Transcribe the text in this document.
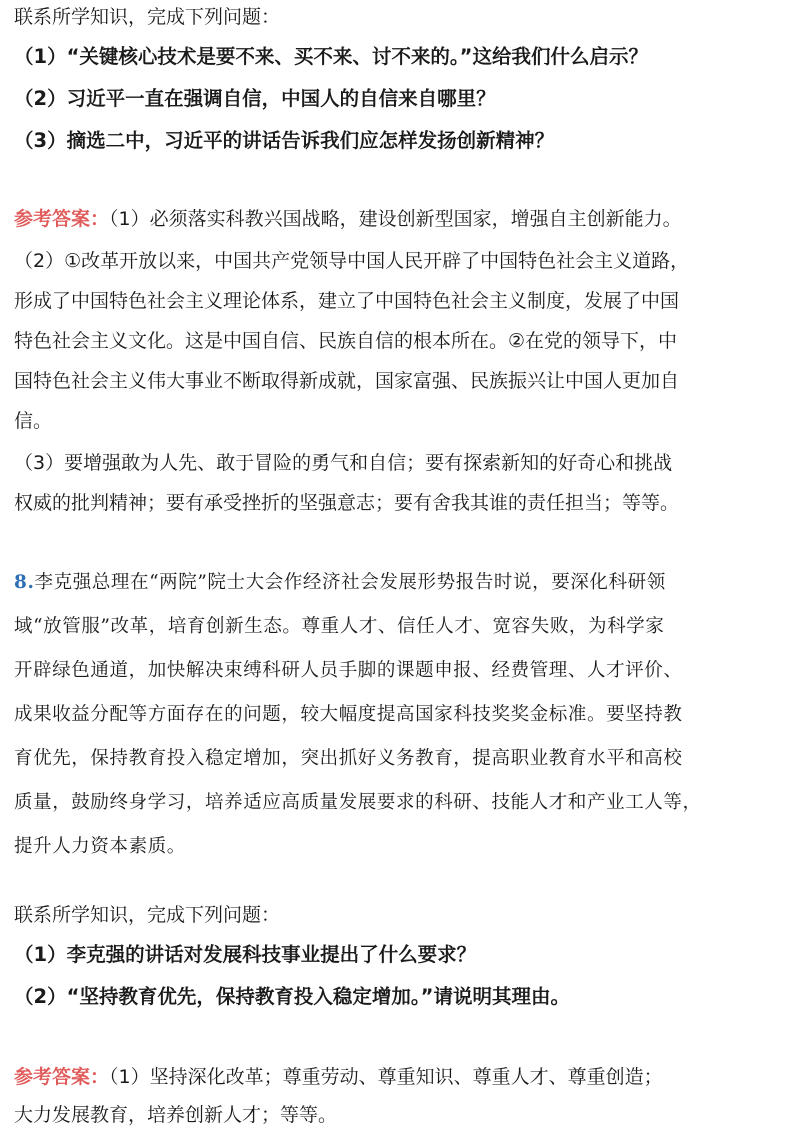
联系所学知识，完成下列问题：
（1）“关键核心技术是要不来、买不来、讨不来的。”这给我们什么启示？
（2）习近平一直在强调自信，中国人的自信来自哪里？
（3）摘选二中，习近平的讲话告诉我们应怎样发扬创新精神？
参考答案：（1）必须落实科教兴国战略，建设创新型国家，增强自主创新能力。
（2）①改革开放以来，中国共产党领导中国人民开辟了中国特色社会主义道路，
形成了中国特色社会主义理论体系，建立了中国特色社会主义制度，发展了中国
特色社会主义文化。这是中国自信、民族自信的根本所在。②在党的领导下，中
国特色社会主义伟大事业不断取得新成就，国家富强、民族振兴让中国人更加自
信。
（3）要增强敢为人先、敢于冒险的勇气和自信；要有探索新知的好奇心和挑战
权威的批判精神；要有承受挫折的坚强意志；要有舍我其谁的责任担当；等等。
8.李克强总理在“两院”院士大会作经济社会发展形势报告时说，要深化科研领
域“放管服”改革，培育创新生态。尊重人才、信任人才、宽容失败，为科学家
开辟绿色通道，加快解决束缚科研人员手脚的课题申报、经费管理、人才评价、
成果收益分配等方面存在的问题，较大幅度提高国家科技奖奖金标准。要坚持教
育优先，保持教育投入稳定增加，突出抓好义务教育，提高职业教育水平和高校
质量，鼓励终身学习，培养适应高质量发展要求的科研、技能人才和产业工人等，
提升人力资本素质。
联系所学知识，完成下列问题：
（1）李克强的讲话对发展科技事业提出了什么要求？
（2）“坚持教育优先，保持教育投入稳定增加。”请说明其理由。
参考答案：（1）坚持深化改革；尊重劳动、尊重知识、尊重人才、尊重创造；
大力发展教育，培养创新人才；等等。
